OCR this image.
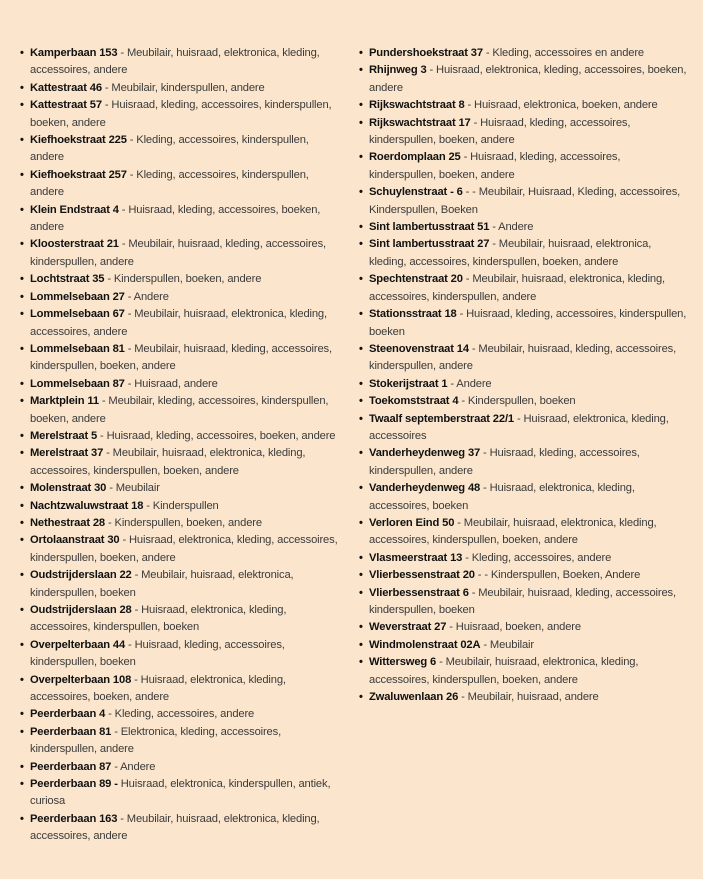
• Kamperbaan 153 - Meubilair, huisraad, elektronica, kleding, accessoires, andere
• Kattestraat 46 - Meubilair, kinderspullen, andere
• Kattestraat 57 - Huisraad, kleding, accessoires, kinderspullen, boeken, andere
• Kiefhoekstraat 225 - Kleding, accessoires, kinderspullen, andere
• Kiefhoekstraat 257 - Kleding, accessoires, kinderspullen, andere
• Klein Endstraat 4 - Huisraad, kleding, accessoires, boeken, andere
• Kloosterstraat 21 - Meubilair, huisraad, kleding, accessoires, kinderspullen, andere
• Lochtstraat 35 - Kinderspullen, boeken, andere
• Lommelsebaan 27 - Andere
• Lommelsebaan 67 - Meubilair, huisraad, elektronica, kleding, accessoires, andere
• Lommelsebaan 81 - Meubilair, huisraad, kleding, accessoires, kinderspullen, boeken, andere
• Lommelsebaan 87 - Huisraad, andere
• Marktplein 11 - Meubilair, kleding, accessoires, kinderspullen, boeken, andere
• Merelstraat 5 - Huisraad, kleding, accessoires, boeken, andere
• Merelstraat 37 - Meubilair, huisraad, elektronica, kleding, accessoires, kinderspullen, boeken, andere
• Molenstraat 30 - Meubilair
• Nachtzwaluwstraat 18 - Kinderspullen
• Nethestraat 28 - Kinderspullen, boeken, andere
• Ortolaanstraat 30 - Huisraad, elektronica, kleding, accessoires, kinderspullen, boeken, andere
• Oudstrijderslaan 22 - Meubilair, huisraad, elektronica, kinderspullen, boeken
• Oudstrijderslaan 28 - Huisraad, elektronica, kleding, accessoires, kinderspullen, boeken
• Overpelterbaan 44 - Huisraad, kleding, accessoires, kinderspullen, boeken
• Overpelterbaan 108 - Huisraad, elektronica, kleding, accessoires, boeken, andere
• Peerderbaan 4 - Kleding, accessoires, andere
• Peerderbaan 81 - Elektronica, kleding, accessoires, kinderspullen, andere
• Peerderbaan 87 - Andere
• Peerderbaan 89 - Huisraad, elektronica, kinderspullen, antiek, curiosa
• Peerderbaan 163 - Meubilair, huisraad, elektronica, kleding, accessoires, andere
• Pundershoekstraat 37 - Kleding, accessoires en andere
• Rhijnweg 3 - Huisraad, elektronica, kleding, accessoires, boeken, andere
• Rijkswachtstraat 8 - Huisraad, elektronica, boeken, andere
• Rijkswachtstraat 17 - Huisraad, kleding, accessoires, kinderspullen, boeken, andere
• Roerdomplaan 25 - Huisraad, kleding, accessoires, kinderspullen, boeken, andere
• Schuylenstraat - 6 - - Meubilair, Huisraad, Kleding, accessoires, Kinderspullen, Boeken
• Sint lambertusstraat 51 - Andere
• Sint lambertusstraat 27 - Meubilair, huisraad, elektronica, kleding, accessoires, kinderspullen, boeken, andere
• Spechtenstraat 20 - Meubilair, huisraad, elektronica, kleding, accessoires, kinderspullen, andere
• Stationsstraat 18 - Huisraad, kleding, accessoires, kinderspullen, boeken
• Steenovenstraat 14 - Meubilair, huisraad, kleding, accessoires, kinderspullen, andere
• Stokerijstraat 1 - Andere
• Toekomststraat 4 - Kinderspullen, boeken
• Twaalf septemberstraat 22/1 - Huisraad, elektronica, kleding, accessoires
• Vanderheydenweg 37 - Huisraad, kleding, accessoires, kinderspullen, andere
• Vanderheydenweg 48 - Huisraad, elektronica, kleding, accessoires, boeken
• Verloren Eind 50 - Meubilair, huisraad, elektronica, kleding, accessoires, kinderspullen, boeken, andere
• Vlasmeerstraat 13 - Kleding, accessoires, andere
• Vlierbessenstraat 20 - - Kinderspullen, Boeken, Andere
• Vlierbessenstraat 6 - Meubilair, huisraad, kleding, accessoires, kinderspullen, boeken
• Weverstraat 27 - Huisraad, boeken, andere
• Windmolenstraat 02A - Meubilair
• Wittersweg 6 - Meubilair, huisraad, elektronica, kleding, accessoires, kinderspullen, boeken, andere
• Zwaluwenlaan 26 - Meubilair, huisraad, andere
